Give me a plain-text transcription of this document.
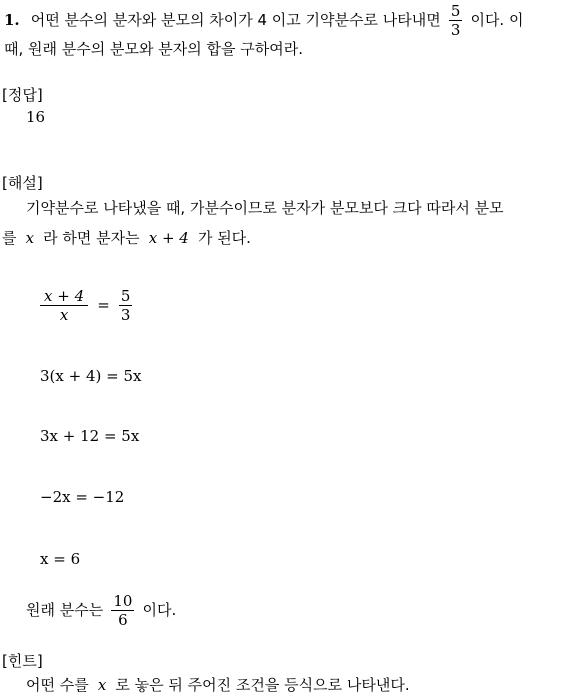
1. 어떤 분수의 분자와 분모의 차이가 4 이고 기약분수로 나타내면 $\frac{5}{3}$ 이다. 이
때, 원래 분수의 분모와 분자의 합을 구하여라.
[정답]
16
[해설]
기약분수로 나타냈을 때, 가분수이므로 분자가 분모보다 크다 따라서 분모
를 x 라 하면 분자는 x + 4 가 된다.
$\frac{x + 4}{x} = \frac{5}{3}$
3(x + 4) = 5x
3x + 12 = 5x
−2x = −12
x = 6
원래 분수는 $\frac{10}{6}$ 이다.
[힌트]
어떤 수를 x 로 놓은 뒤 주어진 조건을 등식으로 나타낸다.
